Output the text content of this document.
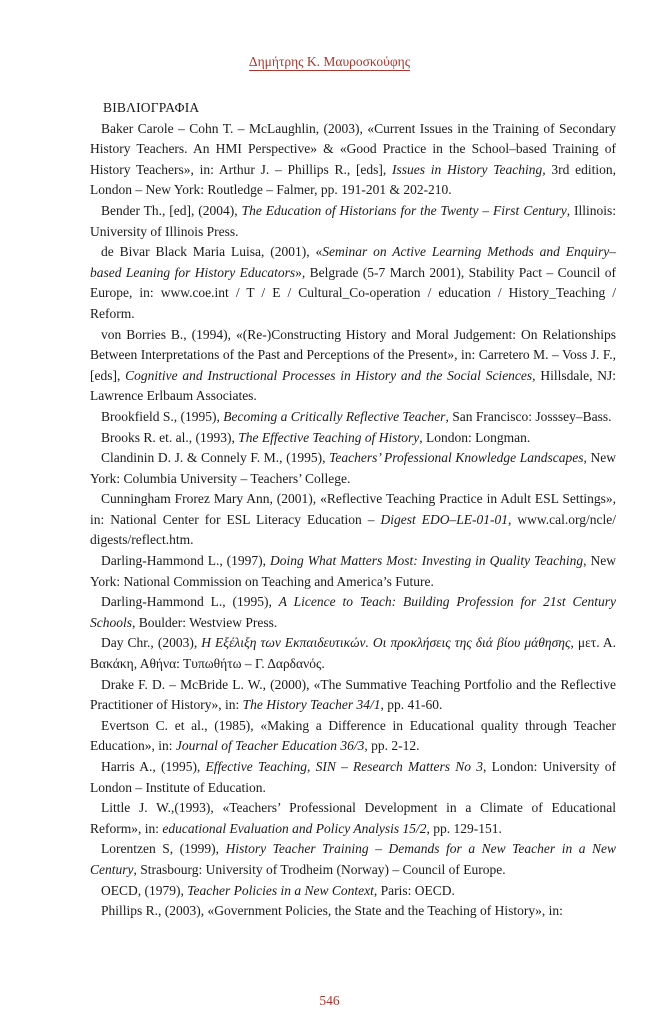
Δημήτρης Κ. Μαυροσκούφης
ΒΙΒΛΙΟΓΡΑΦΙΑ

Baker Carole – Cohn T. – McLaughlin, (2003), «Current Issues in the Training of Secondary History Teachers. An HMI Perspective» & «Good Practice in the School–based Training of History Teachers», in: Arthur J. – Phillips R., [eds], Issues in History Teaching, 3rd edition, London – New York: Routledge – Falmer, pp. 191-201 & 202-210.

Bender Th., [ed], (2004), The Education of Historians for the Twenty – First Century, Illinois: University of Illinois Press.

de Bivar Black Maria Luisa, (2001), «Seminar on Active Learning Methods and Enquiry–based Leaning for History Educators», Belgrade (5-7 March 2001), Stability Pact – Council of Europe, in: www.coe.int / T / E / Cultural_Co-operation / education / History_Teaching / Reform.

von Borries B., (1994), «(Re-)Constructing History and Moral Judgement: On Relationships Between Interpretations of the Past and Perceptions of the Present», in: Carretero M. – Voss J. F., [eds], Cognitive and Instructional Processes in History and the Social Sciences, Hillsdale, NJ: Lawrence Erlbaum Associates.

Brookfield S., (1995), Becoming a Critically Reflective Teacher, San Francisco: Josssey–Bass.

Brooks R. et. al., (1993), The Effective Teaching of History, London: Longman.

Clandinin D. J. & Connely F. M., (1995), Teachers’ Professional Knowledge Landscapes, New York: Columbia University – Teachers’ College.

Cunningham Frorez Mary Ann, (2001), «Reflective Teaching Practice in Adult ESL Settings», in: National Center for ESL Literacy Education – Digest EDO–LE-01-01, www.cal.org/ncle/ digests/reflect.htm.

Darling-Hammond L., (1997), Doing What Matters Most: Investing in Quality Teaching, New York: National Commission on Teaching and America’s Future.

Darling-Hammond L., (1995), A Licence to Teach: Building Profession for 21st Century Schools, Boulder: Westview Press.

Day Chr., (2003), Η Εξέλιξη των Εκπαιδευτικών. Οι προκλήσεις της διά βίου μάθησης, μετ. Α. Βακάκη, Αθήνα: Τυπωθήτω – Γ. Δαρδανός.

Drake F. D. – McBride L. W., (2000), «The Summative Teaching Portfolio and the Reflective Practitioner of History», in: The History Teacher 34/1, pp. 41-60.

Evertson C. et al., (1985), «Making a Difference in Educational quality through Teacher Education», in: Journal of Teacher Education 36/3, pp. 2-12.

Harris A., (1995), Effective Teaching, SIN – Research Matters No 3, London: University of London – Institute of Education.

Little J. W.,(1993), «Teachers’ Professional Development in a Climate of Educational Reform», in: educational Evaluation and Policy Analysis 15/2, pp. 129-151.

Lorentzen S, (1999), History Teacher Training – Demands for a New Teacher in a New Century, Strasbourg: University of Trodheim (Norway) – Council of Europe.

OECD, (1979), Teacher Policies in a New Context, Paris: OECD.

Phillips R., (2003), «Government Policies, the State and the Teaching of History», in:

546
